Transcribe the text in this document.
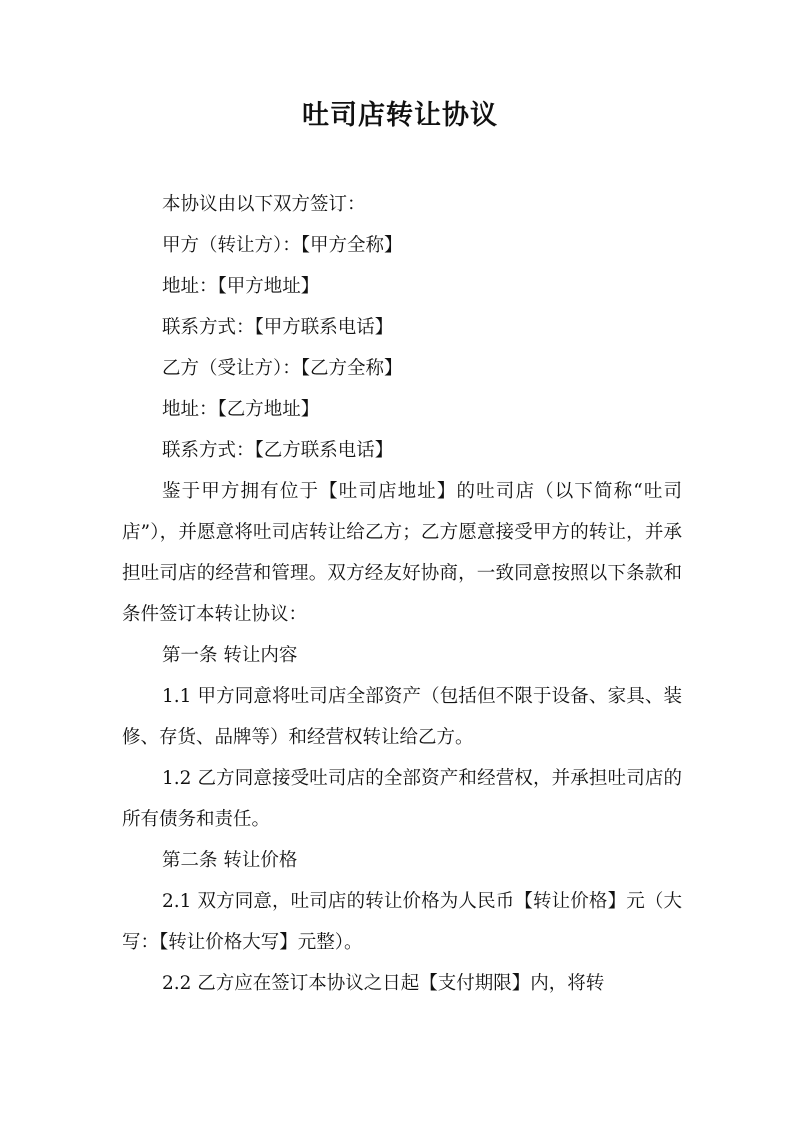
吐司店转让协议

本协议由以下双方签订：

甲方（转让方）：【甲方全称】

地址：【甲方地址】

联系方式：【甲方联系电话】

乙方（受让方）：【乙方全称】

地址：【乙方地址】

联系方式：【乙方联系电话】

鉴于甲方拥有位于【吐司店地址】的吐司店（以下简称“吐司店”），并愿意将吐司店转让给乙方；乙方愿意接受甲方的转让，并承担吐司店的经营和管理。双方经友好协商，一致同意按照以下条款和条件签订本转让协议：

第一条 转让内容

1.1 甲方同意将吐司店全部资产（包括但不限于设备、家具、装修、存货、品牌等）和经营权转让给乙方。

1.2 乙方同意接受吐司店的全部资产和经营权，并承担吐司店的所有债务和责任。

第二条 转让价格

2.1 双方同意，吐司店的转让价格为人民币【转让价格】元（大写：【转让价格大写】元整）。

2.2 乙方应在签订本协议之日起【支付期限】内，将转
